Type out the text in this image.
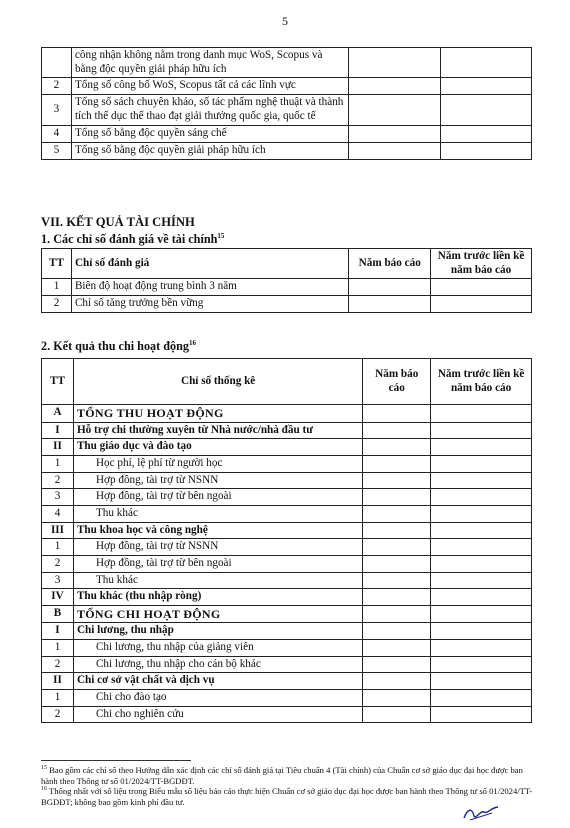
5
	công nhận không nằm trong danh mục WoS, Scopus và bằng độc quyền giải pháp hữu ích		
2	Tổng số công bố WoS, Scopus tất cả các lĩnh vực		
3	Tổng số sách chuyên khảo, số tác phẩm nghệ thuật và thành tích thể dục thể thao đạt giải thưởng quốc gia, quốc tế		
4	Tổng số bằng độc quyền sáng chế		
5	Tổng số bằng độc quyền giải pháp hữu ích		
VII. KẾT QUẢ TÀI CHÍNH
1. Các chỉ số đánh giá về tài chính$^{15}$
TT	Chỉ số đánh giá	Năm báo cáo	Năm trước liền kề năm báo cáo
1	Biên độ hoạt động trung bình 3 năm		
2	Chỉ số tăng trưởng bền vững		
2. Kết quả thu chi hoạt động$^{16}$
TT	Chỉ số thống kê	Năm báo cáo	Năm trước liền kề năm báo cáo
A	TỔNG THU HOẠT ĐỘNG		
I	Hỗ trợ chi thường xuyên từ Nhà nước/nhà đầu tư		
II	Thu giáo dục và đào tạo		
1	Học phí, lệ phí từ người học		
2	Hợp đồng, tài trợ từ NSNN		
3	Hợp đồng, tài trợ từ bên ngoài		
4	Thu khác		
III	Thu khoa học và công nghệ		
1	Hợp đồng, tài trợ từ NSNN		
2	Hợp đồng, tài trợ từ bên ngoài		
3	Thu khác		
IV	Thu khác (thu nhập ròng)		
B	TỔNG CHI HOẠT ĐỘNG		
I	Chi lương, thu nhập		
1	Chi lương, thu nhập của giảng viên		
2	Chi lương, thu nhập cho cán bộ khác		
II	Chi cơ sở vật chất và dịch vụ		
1	Chi cho đào tạo		
2	Chi cho nghiên cứu		
$^{15}$ Bao gồm các chỉ số theo Hướng dẫn xác định các chỉ số đánh giá tại Tiêu chuẩn 4 (Tài chính) của Chuẩn cơ sở giáo dục đại học được ban hành theo Thông tư số 01/2024/TT-BGDĐT.
$^{16}$ Thống nhất với số liệu trong Biểu mẫu số liệu báo cáo thực hiện Chuẩn cơ sở giáo dục đại học được ban hành theo Thông tư số 01/2024/TT-BGDĐT; không bao gồm kinh phí đầu tư.
